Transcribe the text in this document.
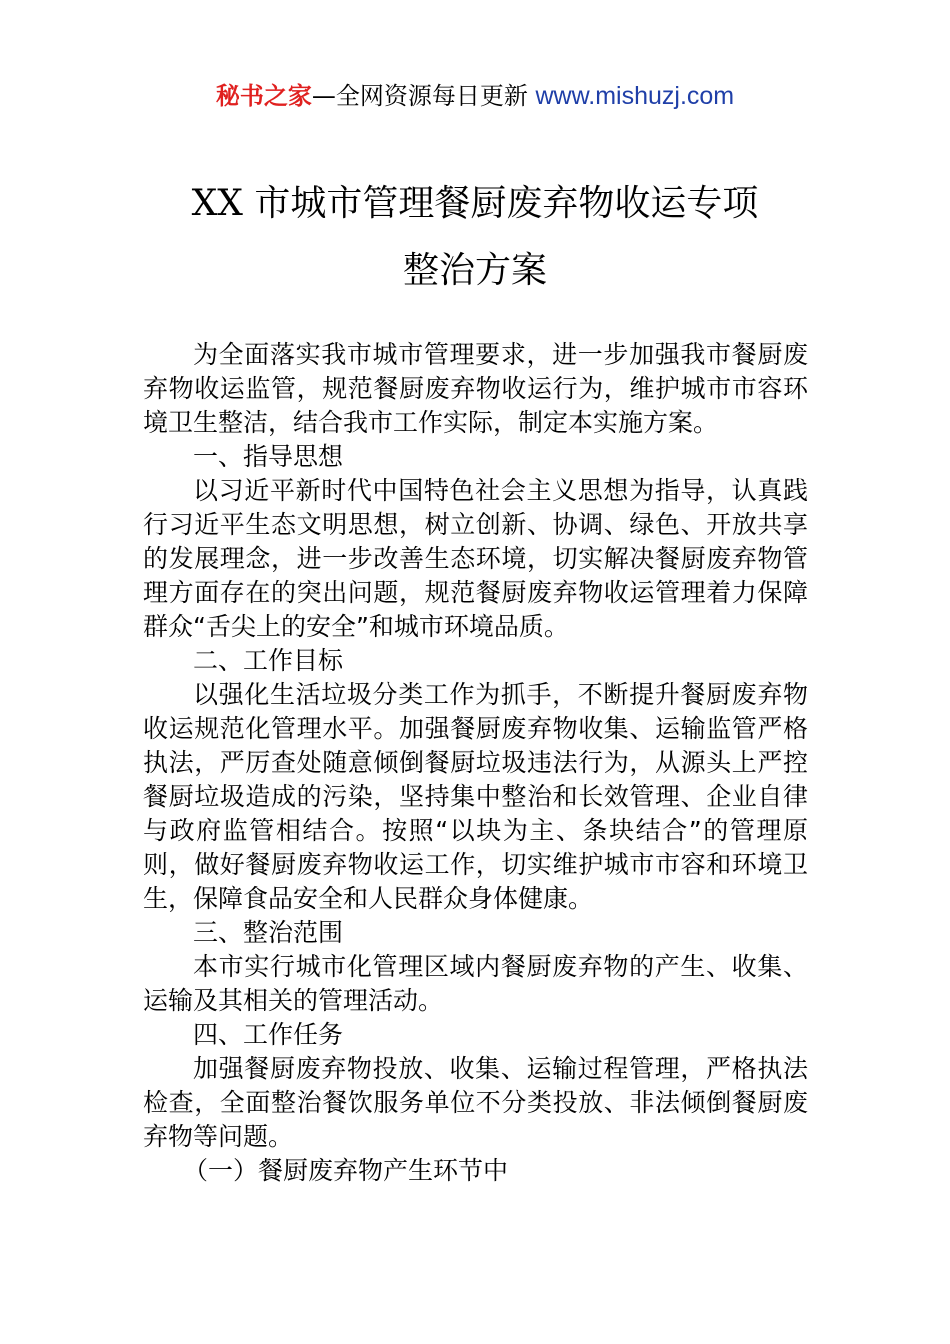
秘书之家—全网资源每日更新 www.mishuzj.com
XX 市城市管理餐厨废弃物收运专项
整治方案

为全面落实我市城市管理要求，进一步加强我市餐厨废弃物收运监管，规范餐厨废弃物收运行为，维护城市市容环境卫生整洁，结合我市工作实际，制定本实施方案。

一、指导思想

以习近平新时代中国特色社会主义思想为指导，认真践行习近平生态文明思想，树立创新、协调、绿色、开放共享的发展理念，进一步改善生态环境，切实解决餐厨废弃物管理方面存在的突出问题，规范餐厨废弃物收运管理着力保障群众“舌尖上的安全”和城市环境品质。

二、工作目标

以强化生活垃圾分类工作为抓手，不断提升餐厨废弃物收运规范化管理水平。加强餐厨废弃物收集、运输监管严格执法，严厉查处随意倾倒餐厨垃圾违法行为，从源头上严控餐厨垃圾造成的污染，坚持集中整治和长效管理、企业自律与政府监管相结合。按照“以块为主、条块结合”的管理原则，做好餐厨废弃物收运工作，切实维护城市市容和环境卫生，保障食品安全和人民群众身体健康。

三、整治范围

本市实行城市化管理区域内餐厨废弃物的产生、收集、运输及其相关的管理活动。

四、工作任务

加强餐厨废弃物投放、收集、运输过程管理，严格执法检查，全面整治餐饮服务单位不分类投放、非法倾倒餐厨废弃物等问题。

（一）餐厨废弃物产生环节中
